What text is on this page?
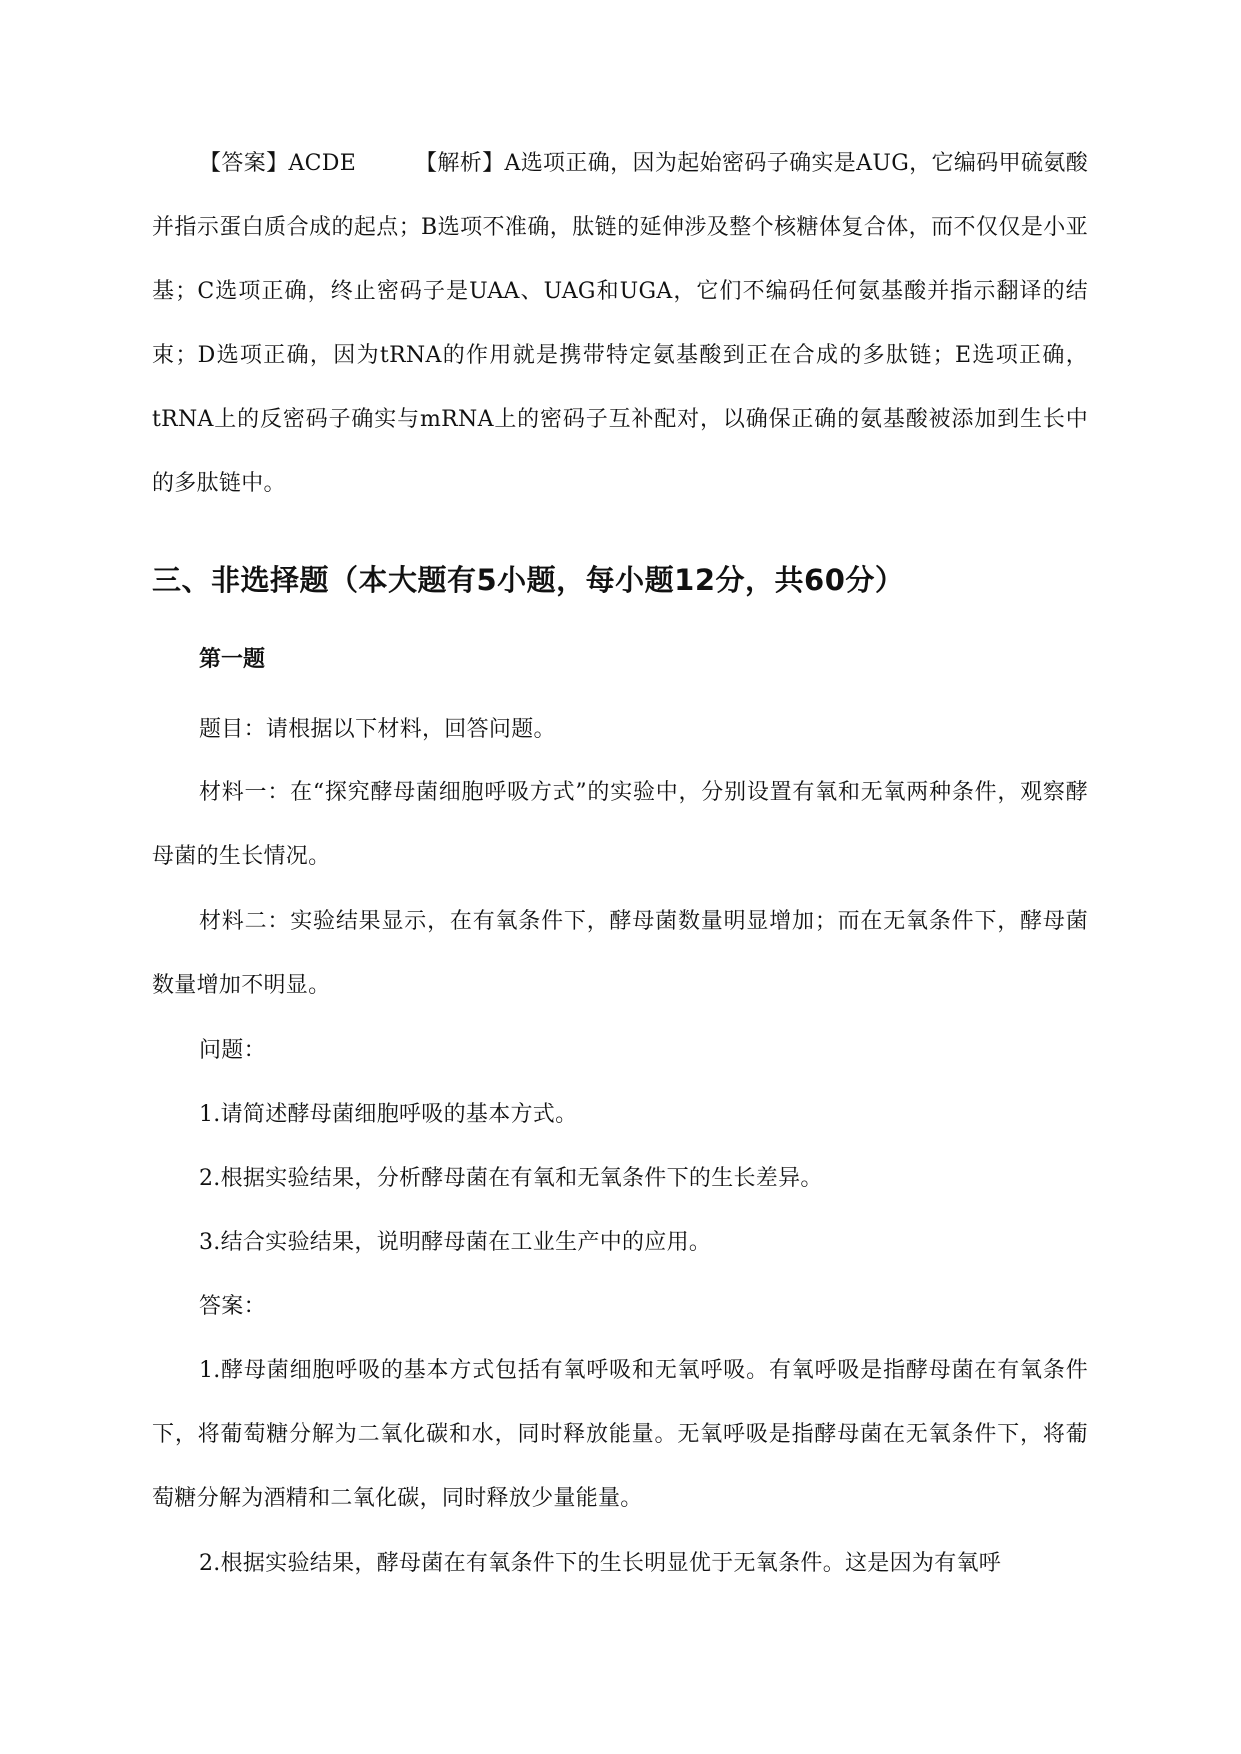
【答案】ACDE	【解析】A选项正确，因为起始密码子确实是AUG，它编码甲硫氨酸并指示蛋白质合成的起点；B选项不准确，肽链的延伸涉及整个核糖体复合体，而不仅仅是小亚基；C选项正确，终止密码子是UAA、UAG和UGA，它们不编码任何氨基酸并指示翻译的结束；D选项正确，因为tRNA的作用就是携带特定氨基酸到正在合成的多肽链；E选项正确，tRNA上的反密码子确实与mRNA上的密码子互补配对，以确保正确的氨基酸被添加到生长中的多肽链中。
三、非选择题（本大题有5小题，每小题12分，共60分）
第一题
题目：请根据以下材料，回答问题。
材料一：在“探究酵母菌细胞呼吸方式”的实验中，分别设置有氧和无氧两种条件，观察酵母菌的生长情况。
材料二：实验结果显示，在有氧条件下，酵母菌数量明显增加；而在无氧条件下，酵母菌数量增加不明显。
问题：
1.请简述酵母菌细胞呼吸的基本方式。
2.根据实验结果，分析酵母菌在有氧和无氧条件下的生长差异。
3.结合实验结果，说明酵母菌在工业生产中的应用。
答案：
1.酵母菌细胞呼吸的基本方式包括有氧呼吸和无氧呼吸。有氧呼吸是指酵母菌在有氧条件下，将葡萄糖分解为二氧化碳和水，同时释放能量。无氧呼吸是指酵母菌在无氧条件下，将葡萄糖分解为酒精和二氧化碳，同时释放少量能量。
2.根据实验结果，酵母菌在有氧条件下的生长明显优于无氧条件。这是因为有氧呼
